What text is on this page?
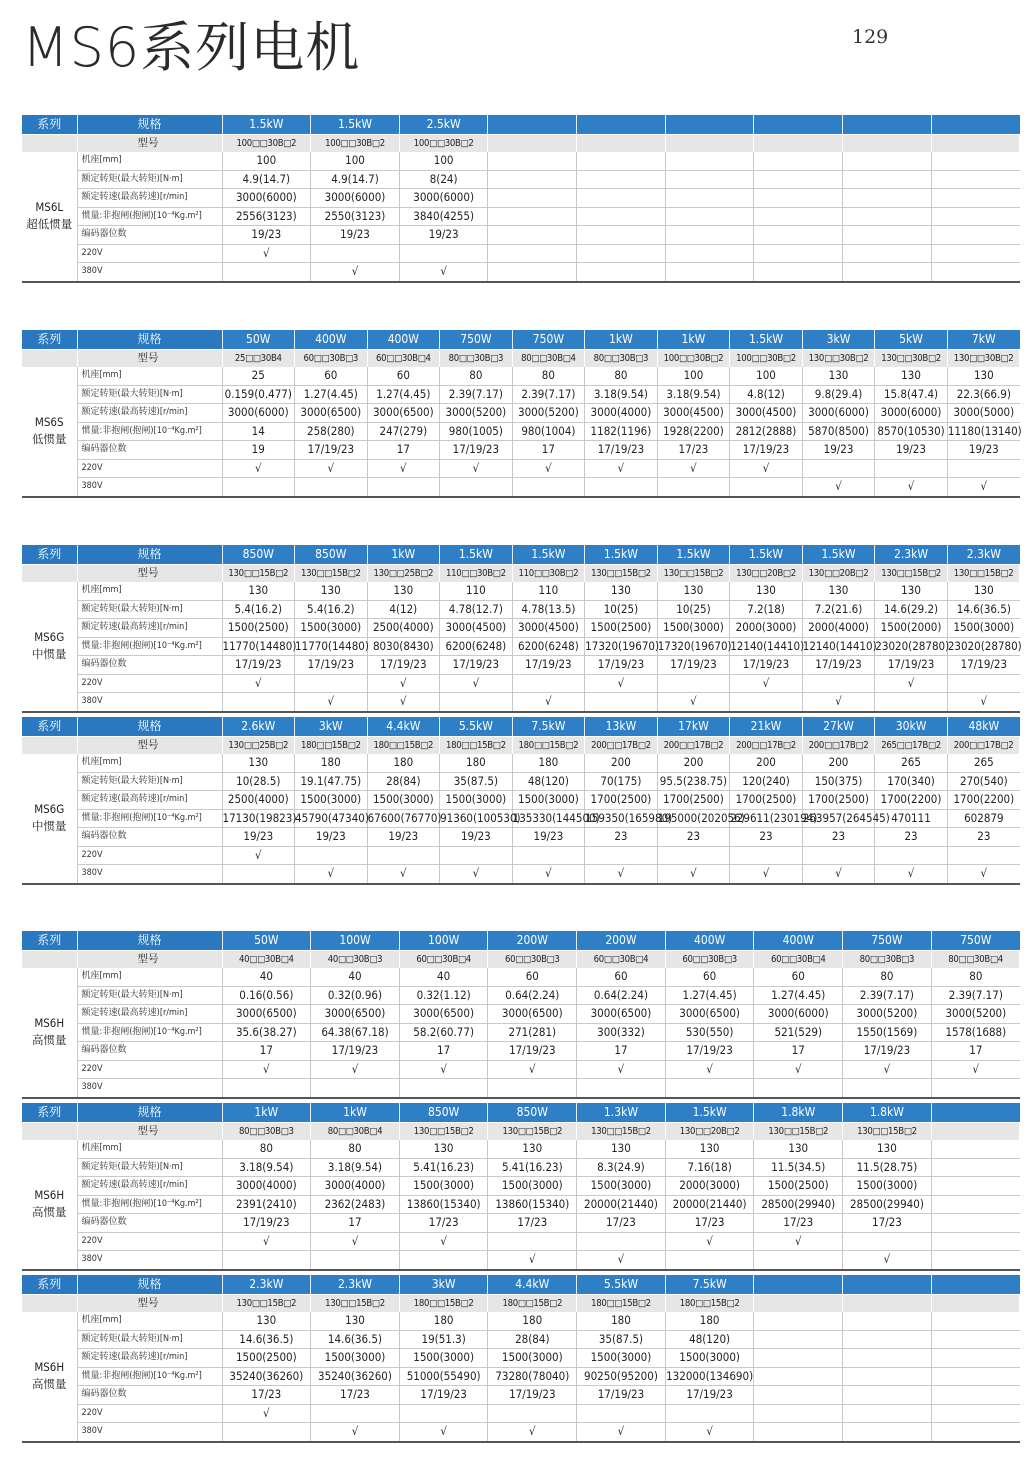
MS6系列电机	129
系列	规格	1.5kW	1.5kW	2.5kW						
	型号	100□□30B□2	100□□30B□2	100□□30B□2						

MS6L
超低惯量	机座[mm]	100	100	100						
	额定转矩(最大转矩)[N·m]	4.9(14.7)	4.9(14.7)	8(24)						
	额定转速(最高转速)[r/min]	3000(6000)	3000(6000)	3000(6000)						
	惯量:非抱闸(抱闸)[10⁻⁴Kg.m²]	2556(3123)	2550(3123)	3840(4255)						
	编码器位数	19/23	19/23	19/23						
	220V	√								
	380V		√	√						
系列	规格	50W	400W	400W	750W	750W	1kW	1kW	1.5kW	3kW	5kW	7kW
	型号	25□□30B4	60□□30B□3	60□□30B□4	80□□30B□3	80□□30B□4	80□□30B□3	100□□30B□2	100□□30B□2	130□□30B□2	130□□30B□2	130□□30B□2

MS6S
低惯量	机座[mm]	25	60	60	80	80	80	100	100	130	130	130
	额定转矩(最大转矩)[N·m]	0.159(0.477)	1.27(4.45)	1.27(4.45)	2.39(7.17)	2.39(7.17)	3.18(9.54)	3.18(9.54)	4.8(12)	9.8(29.4)	15.8(47.4)	22.3(66.9)
	额定转速(最高转速)[r/min]	3000(6000)	3000(6500)	3000(6500)	3000(5200)	3000(5200)	3000(4000)	3000(4500)	3000(4500)	3000(6000)	3000(6000)	3000(5000)
	惯量:非抱闸(抱闸)[10⁻⁴Kg.m²]	14	258(280)	247(279)	980(1005)	980(1004)	1182(1196)	1928(2200)	2812(2888)	5870(8500)	8570(10530)	11180(13140)
	编码器位数	19	17/19/23	17	17/19/23	17	17/19/23	17/23	17/19/23	19/23	19/23	19/23
	220V	√	√	√	√	√	√	√	√			
	380V									√	√	√
系列	规格	850W	850W	1kW	1.5kW	1.5kW	1.5kW	1.5kW	1.5kW	1.5kW	2.3kW	2.3kW
	型号	130□□15B□2	130□□15B□2	130□□25B□2	110□□30B□2	110□□30B□2	130□□15B□2	130□□15B□2	130□□20B□2	130□□20B□2	130□□15B□2	130□□15B□2

MS6G
中惯量	机座[mm]	130	130	130	110	110	130	130	130	130	130	130
	额定转矩(最大转矩)[N·m]	5.4(16.2)	5.4(16.2)	4(12)	4.78(12.7)	4.78(13.5)	10(25)	10(25)	7.2(18)	7.2(21.6)	14.6(29.2)	14.6(36.5)
	额定转速(最高转速)[r/min]	1500(2500)	1500(3000)	2500(4000)	3000(4500)	3000(4500)	1500(2500)	1500(3000)	2000(3000)	2000(4000)	1500(2000)	1500(3000)
	惯量:非抱闸(抱闸)[10⁻⁴Kg.m²]	11770(14480)	11770(14480)	8030(8430)	6200(6248)	6200(6248)	17320(19670)	17320(19670)	12140(14410)	12140(14410)	23020(28780)	23020(28780)
	编码器位数	17/19/23	17/19/23	17/19/23	17/19/23	17/19/23	17/19/23	17/19/23	17/19/23	17/19/23	17/19/23	17/19/23
	220V	√		√	√		√		√		√	
	380V		√	√		√		√		√		√
系列	规格	2.6kW	3kW	4.4kW	5.5kW	7.5kW	13kW	17kW	21kW	27kW	30kW	48kW
	型号	130□□25B□2	180□□15B□2	180□□15B□2	180□□15B□2	180□□15B□2	200□□17B□2	200□□17B□2	200□□17B□2	200□□17B□2	265□□17B□2	200□□17B□2

MS6G
中惯量	机座[mm]	130	180	180	180	180	200	200	200	200	265	265
	额定转矩(最大转矩)[N·m]	10(28.5)	19.1(47.75)	28(84)	35(87.5)	48(120)	70(175)	95.5(238.75)	120(240)	150(375)	170(340)	270(540)
	额定转速(最高转速)[r/min]	2500(4000)	1500(3000)	1500(3000)	1500(3000)	1500(3000)	1700(2500)	1700(2500)	1700(2500)	1700(2500)	1700(2200)	1700(2200)
	惯量:非抱闸(抱闸)[10⁻⁴Kg.m²]	17130(19823)	45790(47340)	67600(76770)	91360(100530)	135330(144500)	159350(165980)	195000(202056)	229611(230194)	263957(264545)	470111	602879
	编码器位数	19/23	19/23	19/23	19/23	19/23	23	23	23	23	23	23
	220V	√										
	380V		√	√	√	√	√	√	√	√	√	√
系列	规格	50W	100W	100W	200W	200W	400W	400W	750W	750W
	型号	40□□30B□4	40□□30B□3	60□□30B□4	60□□30B□3	60□□30B□4	60□□30B□3	60□□30B□4	80□□30B□3	80□□30B□4

MS6H
高惯量	机座[mm]	40	40	40	60	60	60	60	80	80
	额定转矩(最大转矩)[N·m]	0.16(0.56)	0.32(0.96)	0.32(1.12)	0.64(2.24)	0.64(2.24)	1.27(4.45)	1.27(4.45)	2.39(7.17)	2.39(7.17)
	额定转速(最高转速)[r/min]	3000(6500)	3000(6500)	3000(6500)	3000(6500)	3000(6500)	3000(6500)	3000(6000)	3000(5200)	3000(5200)
	惯量:非抱闸(抱闸)[10⁻⁴Kg.m²]	35.6(38.27)	64.38(67.18)	58.2(60.77)	271(281)	300(332)	530(550)	521(529)	1550(1569)	1578(1688)
	编码器位数	17	17/19/23	17	17/19/23	17	17/19/23	17	17/19/23	17
	220V	√	√	√	√	√	√	√	√	√
	380V									
系列	规格	1kW	1kW	850W	850W	1.3kW	1.5kW	1.8kW	1.8kW	
	型号	80□□30B□3	80□□30B□4	130□□15B□2	130□□15B□2	130□□15B□2	130□□20B□2	130□□15B□2	130□□15B□2	

MS6H
高惯量	机座[mm]	80	80	130	130	130	130	130	130	
	额定转矩(最大转矩)[N·m]	3.18(9.54)	3.18(9.54)	5.41(16.23)	5.41(16.23)	8.3(24.9)	7.16(18)	11.5(34.5)	11.5(28.75)	
	额定转速(最高转速)[r/min]	3000(4000)	3000(4000)	1500(3000)	1500(3000)	1500(3000)	2000(3000)	1500(2500)	1500(3000)	
	惯量:非抱闸(抱闸)[10⁻⁴Kg.m²]	2391(2410)	2362(2483)	13860(15340)	13860(15340)	20000(21440)	20000(21440)	28500(29940)	28500(29940)	
	编码器位数	17/19/23	17	17/23	17/23	17/23	17/23	17/23	17/23	
	220V	√	√	√			√	√		
	380V				√	√			√	
系列	规格	2.3kW	2.3kW	3kW	4.4kW	5.5kW	7.5kW			
	型号	130□□15B□2	130□□15B□2	180□□15B□2	180□□15B□2	180□□15B□2	180□□15B□2			

MS6H
高惯量	机座[mm]	130	130	180	180	180	180			
	额定转矩(最大转矩)[N·m]	14.6(36.5)	14.6(36.5)	19(51.3)	28(84)	35(87.5)	48(120)			
	额定转速(最高转速)[r/min]	1500(2500)	1500(3000)	1500(3000)	1500(3000)	1500(3000)	1500(3000)			
	惯量:非抱闸(抱闸)[10⁻⁴Kg.m²]	35240(36260)	35240(36260)	51000(55490)	73280(78040)	90250(95200)	132000(134690)			
	编码器位数	17/23	17/23	17/19/23	17/19/23	17/19/23	17/19/23			
	220V	√								
	380V		√	√	√	√	√			
